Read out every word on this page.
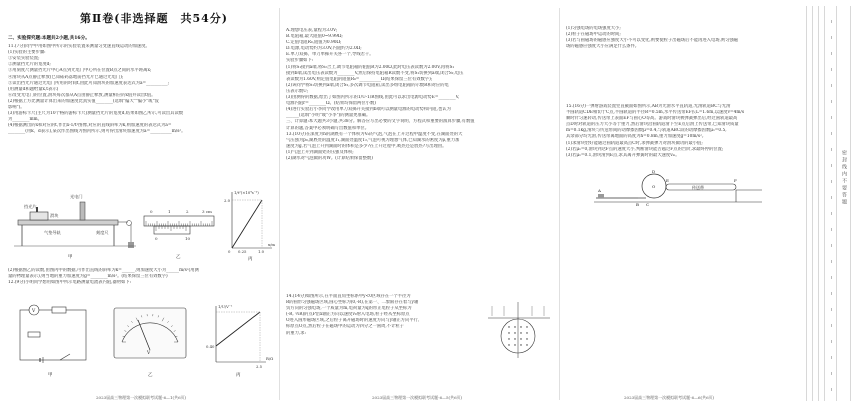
第Ⅱ卷(非选择题　共54分)
二、实验探究题:本题共2小题,共16分。

11.(7分)同学甲用如图甲所示的实验装置来测量匀变速直线运动的加速度。

(1)实验的主要步骤:

①安装实验装置;

②测量挡光片的宽度d;

③用刻度尺测量挡光片中心A点到光电门中心所在位置B点之间的水平距离x;

④滑块从A点静止释放(已知砝码落地前挡光片已通过光电门);

⑤读出挡光片通过光电门所用的时间t,由此可知滑块的加速度表达式为a=__________;

(用测量d和题给量x,t表示)

⑥改变光电门的位置,滑块每次都从A点由静止释放,测量相应的x值并读出t值。

(2)根据上方比测量计算出来的加速度比真实值________(选填"偏大""偏小"或"没

影响")。

(3)用游标卡尺(主尺为10个格的游标卡尺)测量挡光片的宽度d,结果如图乙所示,可读出其读数

为________mm。

(4)根据测出的x和对应的t,作出x-1/t²图像,对应的直线斜率为k,则加速度的表达式为a=

________(用k、d表示),某次作出图线为图丙所示,则可得出滑块加速度为a=__________m/s²。

光电门
挡光片
滑块
气垫导轨	刻度尺
甲
0	1	2	3 cm
0	10
乙
1/t²(×10⁴s⁻²)
2.0
0 0.25	1.0
x/m
丙

(2)根据图乙的读数,由图丙中的数据,可作出直线的斜率为k=______,则加速度大小为______m/s²(用测

量的物理量表示),则当地的重力加速度为g=________m/s²。(结果保留三位有效数字)

12.(9分)小明同学想用如图甲所示电路测量电流表内阻,器材如下:

V
甲
V
乙
1/U/V⁻¹
0.40
2.5
R/Ω
丙
2023届高三物理第一次模拟联考试题·6—1(共6页)

A.理想电压表,量程为3.0V;

B.电阻箱,最大阻值0~9.99Ω;

C.定值电阻R₀,阻值为0.90Ω;

D.电源,电动势约为3.0V,内阻约为2.0Ω;

E.单刀双掷、单刀单掷开关各一个,导线若干。

实验步骤如下:

(1)将S₁接到a端,将S₂合上,调节电阻箱的阻值R为2.00Ω,此时电压表读数为2.00V,再将S₁

接到b端,读出电压表读数为________V,然后保持电阻箱R读数不变,将S₁切换到a端,闭合S₂,电压

表读数为1.60V,则定值电阻的阻值R₀=__________Ω(结果保留三位有效数字);

(2)该同学将S₁切换到a端,闭合S₂,多次调节电阻箱,读出多组电阻箱的示数R和对应的电

压表示数U;

(3)由测得的数据,绘出了如图丙所示的1/U-1/R图线,由此可以求出电源电动势E=________V,

电源内阻r=________Ω。(结果均保留两位小数)

(4)进行实验后小李同学改用单刀双掷开关接到b端可以测量电源的电动势和内阻,也认为

______(选填"小明"或"小李")的测量更准确。

三、计算题:本大题共3小题,共38分。解答应写出必要的文字说明、方程式和重要的演算步骤,有数值

计算的题,答案中必须明确写出数值和单位。

13.(10分)在深度为h的湖底有一个体积为V₀的气泡,气泡在上升过程中温度不变,在湖面处的大

气压强为p₀,湖底处的温度T₁,湖面处温度T₂,气泡可视为理想气体,已知湖水的密度为ρ,重力加

速度为g,若气泡上升到湖面时的体积是多少?在上升过程中,吸热还是放热?写出理由。

(1)气泡上升到湖面处的压强及体积;

(2)湖水对气泡做的功W。(计算结果保留整数)

14.(14分)如图所示,在平面直角坐标系中y<0区域存在一个半径为

R的圆形匀强磁场区域,圆心坐标为(0,-R),在第一、二象限存在着与y轴

负方向的匀强电场,一个质量为m,电荷量为q的带正电粒子从坐标为

(-R, ½R)的点P沿x轴正方向以速度v₀射入电场,粒子经从坐标原点

O进入圆形磁场区域,之后粒子离开磁场时的速度方向与y轴正方向平行,

标原点O点,然后粒子在磁场中的运动为四分之一圆周,不计粒子

的重力,求:

2023届高三物理第一次模拟联考试题·6—5(共6页)

(1)匀强电场的电场强度大小;

(2)粒子在磁场中运动的时间;

(3)若与圆磁场的磁感应强度大小不可以变化,则要使粒子出磁场后不能再进入电场,则匀强磁

场的磁感应强度大小应满足什么条件。

15.(16分)一弹射游戏装置竖直截面如图所示,AB为光滑水平直轨道,光滑轨道BC与光滑

半圆轨道CDE相切于C点,半圆轨道的半径R=0.5m,水平传送带EF长L=1.6m,以速度v=4m/s

顺时针匀速转动,传送带上表面EF与圆心O等高。游戏时滑块被弹簧弹出后,经过圆轨道最高

点D时对轨道的压力大小等于重力,然后滑块沿圆轨道滑下至E点后滑上传送带,已知滑块质量

m=0.1kg,滑块与传送带间的动摩擦因数μ=0.4,与轨道ABC段的动摩擦因数μ₁=0.5,

其余部分均光滑,传送带离地面的高度为h=0.8m,重力加速度g=10m/s²。

(1)求滑块恰好能通过圆轨道最高点C时,求弹簧弹力对滑块做功的最小值;

(2)若μ₁=0,滑块到达F点的速度大小,判断滑块能否越过F点的台阶,求最终停的位置;

(3)若μ₁=0.1,滑块滑到E点,求其离开弹簧时的最大速度vₘ。

D
O
E	F
A
B C
传送带
2023届高三物理第一次模拟联考试题·6—6(共6页)
密封线内不要答题
